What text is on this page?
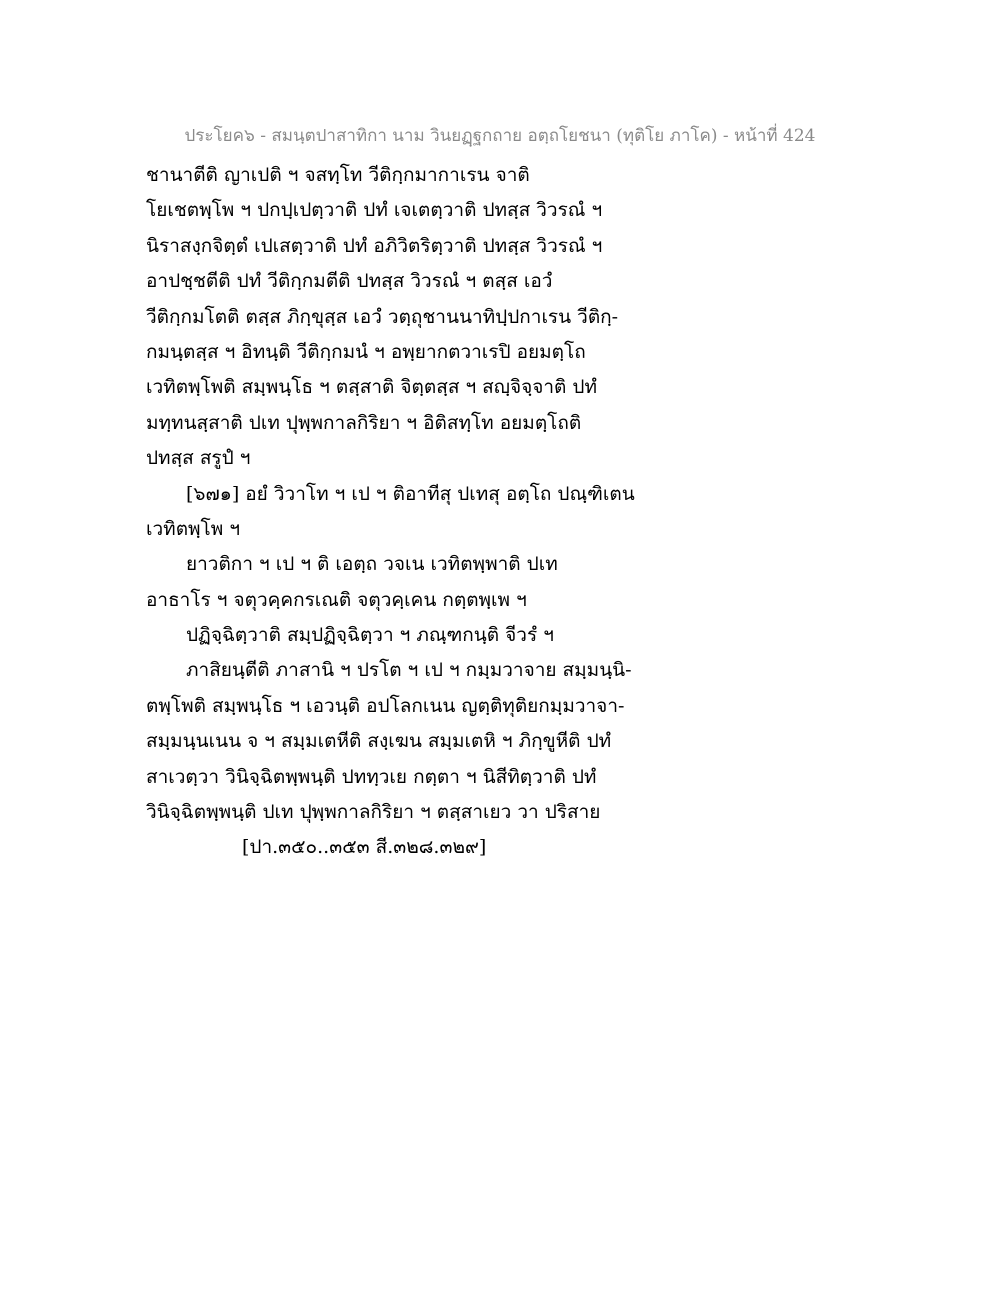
ประโยค๖ - สมนฺตปาสาทิกา นาม วินยฏฺฐกถาย อตฺถโยชนา (ทุติโย ภาโค) - หน้าที่ 424
ชานาตีติ ญาเปติ ฯ จสทฺโท วีติกฺกมากาเรน จาติ
โยเชตพฺโพ ฯ ปกปฺเปตฺวาติ ปทํ เจเตตฺวาติ ปทสฺส วิวรณํ ฯ
นิราสงฺกจิตฺตํ เปเสตฺวาติ ปทํ อภิวิตริตฺวาติ ปทสฺส วิวรณํ ฯ
อาปชฺชตีติ ปทํ วีติกฺกมตีติ ปทสฺส วิวรณํ ฯ ตสฺส เอวํ
วีติกฺกมโตติ ตสฺส ภิกฺขุสฺส เอวํ วตฺถุชานนาทิปฺปกาเรน วีติกฺ-
กมนฺตสฺส ฯ อิทนฺติ วีติกฺกมนํ ฯ อพฺยากตวาเรปิ อยมตฺโถ
เวทิตพฺโพติ สมฺพนฺโธ ฯ ตสฺสาติ จิตฺตสฺส ฯ สญฺจิจฺจาติ ปทํ
มทฺทนสฺสาติ ปเท ปุพฺพกาลกิริยา ฯ อิติสทฺโท อยมตฺโถติ
ปทสฺส สรูปํ ฯ
[๖๗๑] อยํ วิวาโท ฯ เป ฯ ติอาทีสุ ปเทสุ อตฺโถ ปณฺฑิเตน
เวทิตพฺโพ ฯ
ยาวติกา ฯ เป ฯ ติ เอตฺถ วจเน เวทิตพฺพาติ ปเท
อาธาโร ฯ จตุวคฺคกรเณติ จตุวคฺเคน กตฺตพฺเพ ฯ
ปฏิจฺฉิตฺวาติ สมฺปฏิจฺฉิตฺวา ฯ ภณฺฑกนฺติ จีวรํ ฯ
ภาสิยนฺตีติ ภาสานิ ฯ ปรโต ฯ เป ฯ กมฺมวาจาย สมฺมนฺนิ-
ตพฺโพติ สมฺพนฺโธ ฯ เอวนฺติ อปโลกเนน ญตฺติทุติยกมฺมวาจา-
สมฺมนฺนเนน จ ฯ สมฺมเตหีติ สงฺเฆน สมฺมเตหิ ฯ ภิกฺขูหีติ ปทํ
สาเวตฺวา วินิจฺฉิตพฺพนฺติ ปททฺวเย กตฺตา ฯ นิสีทิตฺวาติ ปทํ
วินิจฺฉิตพฺพนฺติ ปเท ปุพฺพกาลกิริยา ฯ ตสฺสาเยว วา ปริสาย
[ปา.๓๕๐..๓๕๓ สี.๓๒๘.๓๒๙]
